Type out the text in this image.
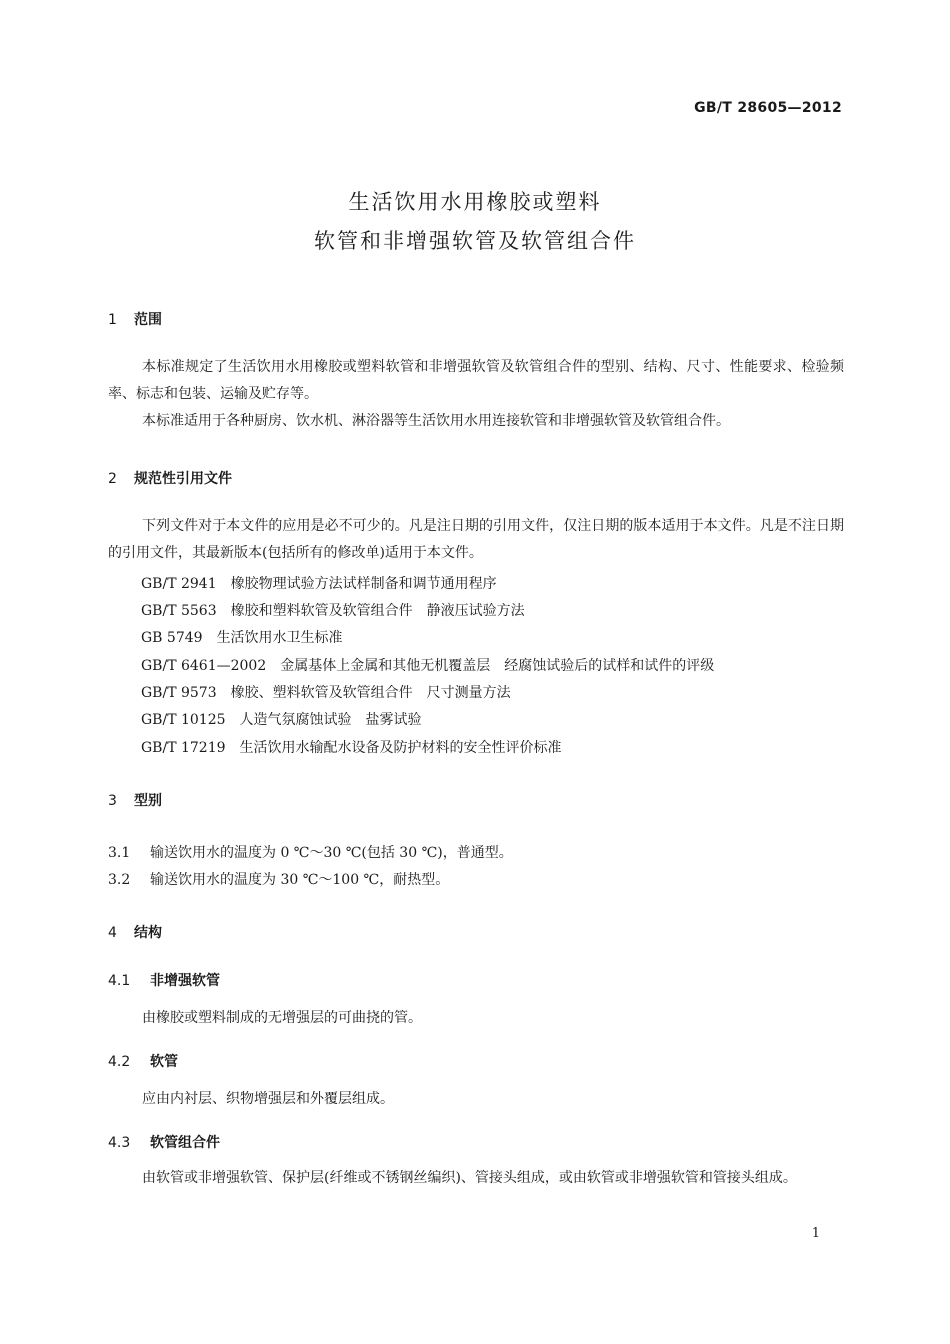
GB/T 28605—2012
生活饮用水用橡胶或塑料
软管和非增强软管及软管组合件
1 范围
本标准规定了生活饮用水用橡胶或塑料软管和非增强软管及软管组合件的型别、结构、尺寸、性能要求、检验频率、标志和包装、运输及贮存等。
本标准适用于各种厨房、饮水机、淋浴器等生活饮用水用连接软管和非增强软管及软管组合件。
2 规范性引用文件
下列文件对于本文件的应用是必不可少的。凡是注日期的引用文件，仅注日期的版本适用于本文件。凡是不注日期的引用文件，其最新版本(包括所有的修改单)适用于本文件。
GB/T 2941 橡胶物理试验方法试样制备和调节通用程序
GB/T 5563 橡胶和塑料软管及软管组合件 静液压试验方法
GB 5749 生活饮用水卫生标准
GB/T 6461—2002 金属基体上金属和其他无机覆盖层 经腐蚀试验后的试样和试件的评级
GB/T 9573 橡胶、塑料软管及软管组合件 尺寸测量方法
GB/T 10125 人造气氛腐蚀试验 盐雾试验
GB/T 17219 生活饮用水输配水设备及防护材料的安全性评价标准
3 型别
3.1 输送饮用水的温度为 0 ℃～30 ℃(包括 30 ℃)，普通型。
3.2 输送饮用水的温度为 30 ℃～100 ℃，耐热型。
4 结构
4.1 非增强软管
由橡胶或塑料制成的无增强层的可曲挠的管。
4.2 软管
应由内衬层、织物增强层和外覆层组成。
4.3 软管组合件
由软管或非增强软管、保护层(纤维或不锈钢丝编织)、管接头组成，或由软管或非增强软管和管接头组成。
1
